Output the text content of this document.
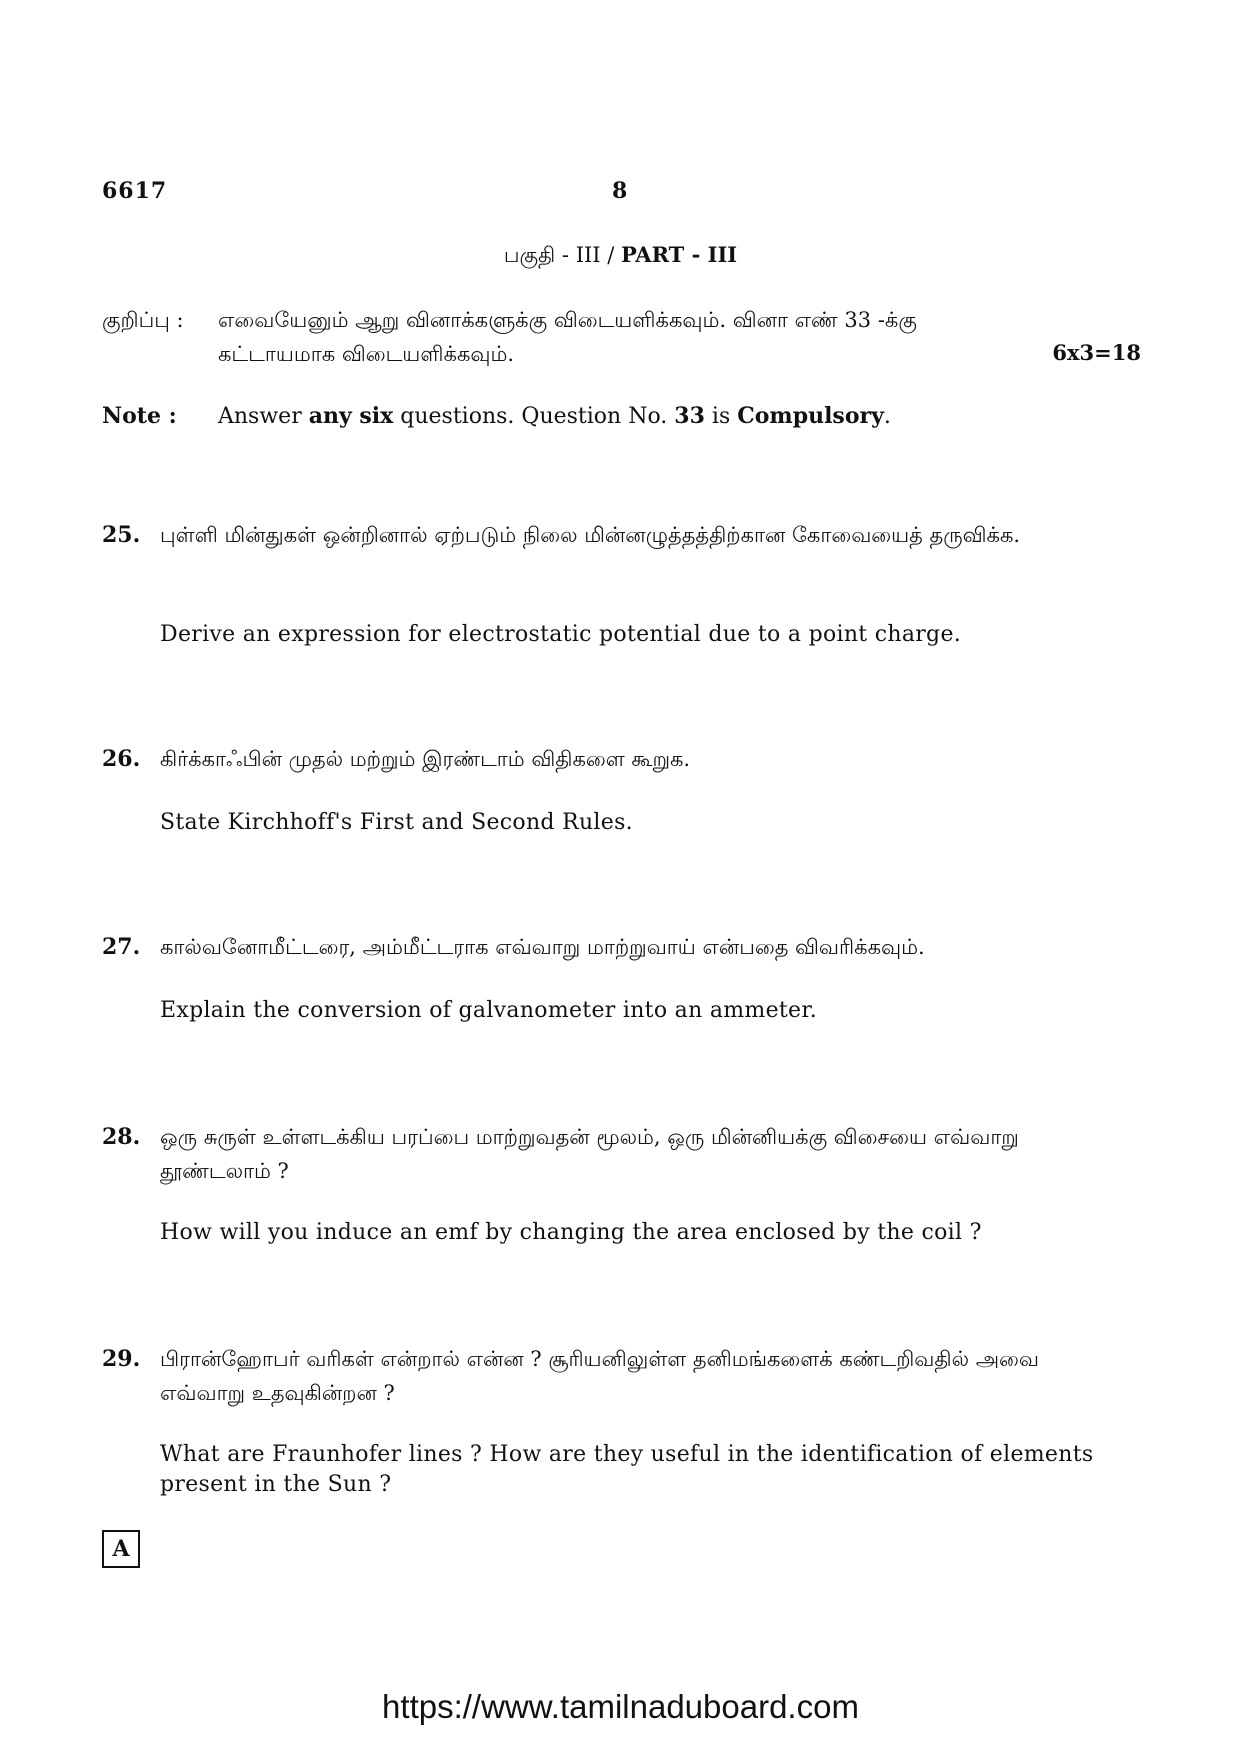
6617	8
பகுதி - III / PART - III
குறிப்பு : எவையேனும் ஆறு வினாக்களுக்கு விடையளிக்கவும். வினா எண் 33 -க்கு
கட்டாயமாக விடையளிக்கவும்.	6x3=18
Note : Answer any six questions. Question No. 33 is Compulsory.
25. புள்ளி மின்துகள் ஒன்றினால் ஏற்படும் நிலை மின்னழுத்தத்திற்கான கோவையைத் தருவிக்க.
Derive an expression for electrostatic potential due to a point charge.
26. கிர்க்காஃபின் முதல் மற்றும் இரண்டாம் விதிகளை கூறுக.
State Kirchhoff's First and Second Rules.
27. கால்வனோமீட்டரை, அம்மீட்டராக எவ்வாறு மாற்றுவாய் என்பதை விவரிக்கவும்.
Explain the conversion of galvanometer into an ammeter.
28. ஒரு சுருள் உள்ளடக்கிய பரப்பை மாற்றுவதன் மூலம், ஒரு மின்னியக்கு விசையை எவ்வாறு தூண்டலாம் ?
How will you induce an emf by changing the area enclosed by the coil ?
29. பிரான்ஹோபர் வரிகள் என்றால் என்ன ? சூரியனிலுள்ள தனிமங்களைக் கண்டறிவதில் அவை எவ்வாறு உதவுகின்றன ?
What are Fraunhofer lines ? How are they useful in the identification of elements present in the Sun ?
A
https://www.tamilnaduboard.com
